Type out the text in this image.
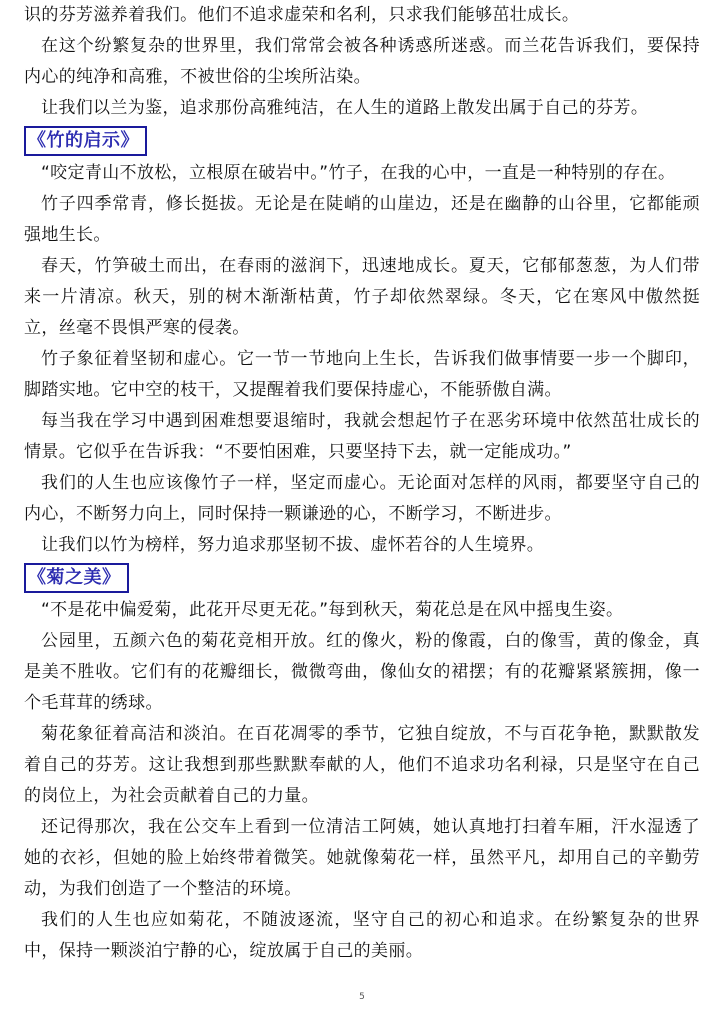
识的芬芳滋养着我们。他们不追求虚荣和名利，只求我们能够茁壮成长。

在这个纷繁复杂的世界里，我们常常会被各种诱惑所迷惑。而兰花告诉我们，要保持内心的纯净和高雅，不被世俗的尘埃所沾染。

让我们以兰为鉴，追求那份高雅纯洁，在人生的道路上散发出属于自己的芬芳。

《竹的启示》

“咬定青山不放松，立根原在破岩中。”竹子，在我的心中，一直是一种特别的存在。

竹子四季常青，修长挺拔。无论是在陡峭的山崖边，还是在幽静的山谷里，它都能顽强地生长。

春天，竹笋破土而出，在春雨的滋润下，迅速地成长。夏天，它郁郁葱葱，为人们带来一片清凉。秋天，别的树木渐渐枯黄，竹子却依然翠绿。冬天，它在寒风中傲然挺立，丝毫不畏惧严寒的侵袭。

竹子象征着坚韧和虚心。它一节一节地向上生长，告诉我们做事情要一步一个脚印，脚踏实地。它中空的枝干，又提醒着我们要保持虚心，不能骄傲自满。

每当我在学习中遇到困难想要退缩时，我就会想起竹子在恶劣环境中依然茁壮成长的情景。它似乎在告诉我：“不要怕困难，只要坚持下去，就一定能成功。”

我们的人生也应该像竹子一样，坚定而虚心。无论面对怎样的风雨，都要坚守自己的内心，不断努力向上，同时保持一颗谦逊的心，不断学习，不断进步。

让我们以竹为榜样，努力追求那坚韧不拔、虚怀若谷的人生境界。

《菊之美》

“不是花中偏爱菊，此花开尽更无花。”每到秋天，菊花总是在风中摇曳生姿。

公园里，五颜六色的菊花竞相开放。红的像火，粉的像霞，白的像雪，黄的像金，真是美不胜收。它们有的花瓣细长，微微弯曲，像仙女的裙摆；有的花瓣紧紧簇拥，像一个毛茸茸的绣球。

菊花象征着高洁和淡泊。在百花凋零的季节，它独自绽放，不与百花争艳，默默散发着自己的芬芳。这让我想到那些默默奉献的人，他们不追求功名利禄，只是坚守在自己的岗位上，为社会贡献着自己的力量。

还记得那次，我在公交车上看到一位清洁工阿姨，她认真地打扫着车厢，汗水湿透了她的衣衫，但她的脸上始终带着微笑。她就像菊花一样，虽然平凡，却用自己的辛勤劳动，为我们创造了一个整洁的环境。

我们的人生也应如菊花，不随波逐流，坚守自己的初心和追求。在纷繁复杂的世界中，保持一颗淡泊宁静的心，绽放属于自己的美丽。

5
